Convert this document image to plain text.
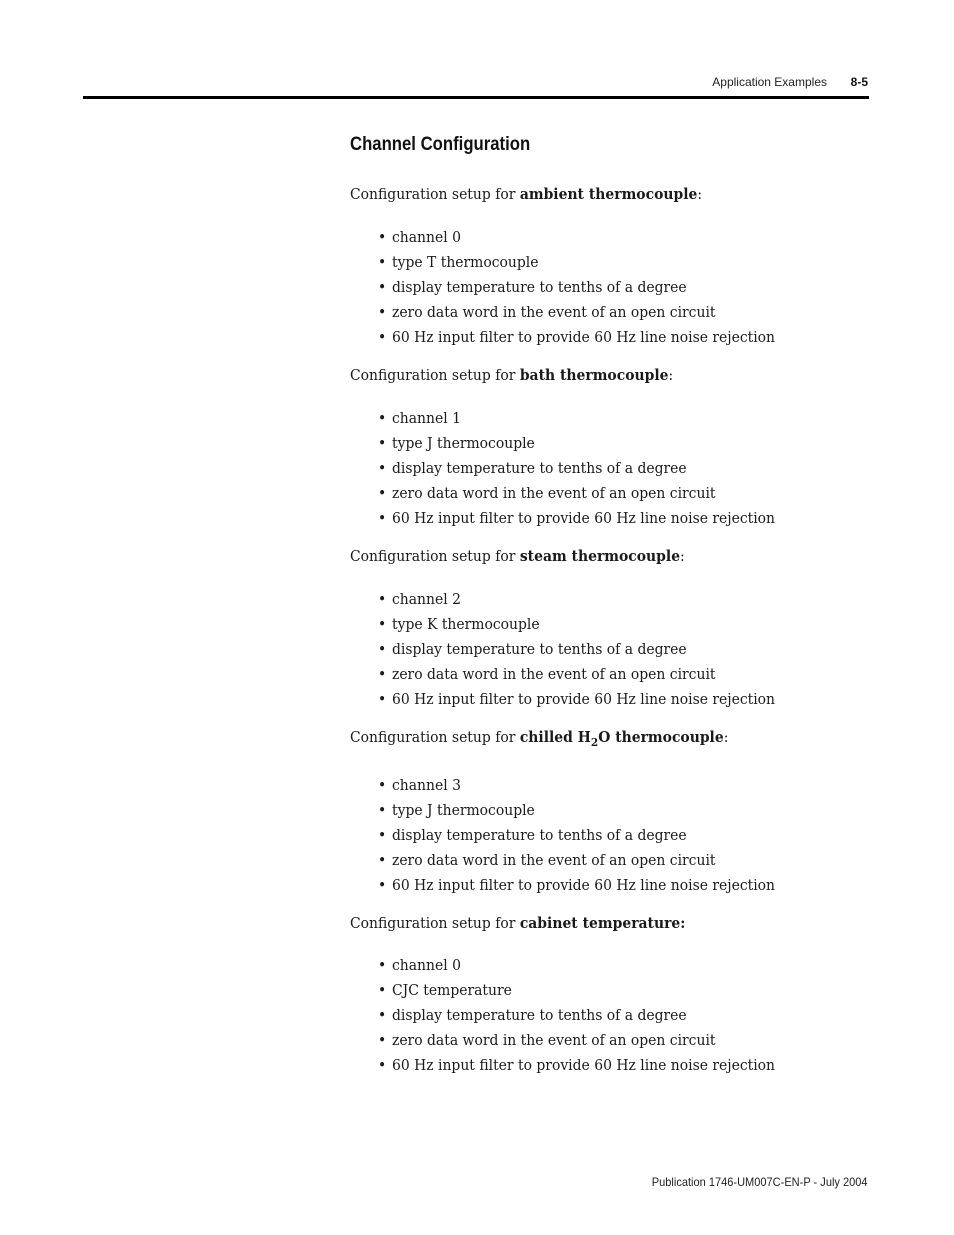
Application Examples 8-5
Channel Configuration
Configuration setup for ambient thermocouple:
• channel 0
• type T thermocouple
• display temperature to tenths of a degree
• zero data word in the event of an open circuit
• 60 Hz input filter to provide 60 Hz line noise rejection
Configuration setup for bath thermocouple:
• channel 1
• type J thermocouple
• display temperature to tenths of a degree
• zero data word in the event of an open circuit
• 60 Hz input filter to provide 60 Hz line noise rejection
Configuration setup for steam thermocouple:
• channel 2
• type K thermocouple
• display temperature to tenths of a degree
• zero data word in the event of an open circuit
• 60 Hz input filter to provide 60 Hz line noise rejection
Configuration setup for chilled $H_2O$ thermocouple:
• channel 3
• type J thermocouple
• display temperature to tenths of a degree
• zero data word in the event of an open circuit
• 60 Hz input filter to provide 60 Hz line noise rejection
Configuration setup for cabinet temperature:
• channel 0
• CJC temperature
• display temperature to tenths of a degree
• zero data word in the event of an open circuit
• 60 Hz input filter to provide 60 Hz line noise rejection
Publication 1746-UM007C-EN-P - July 2004
